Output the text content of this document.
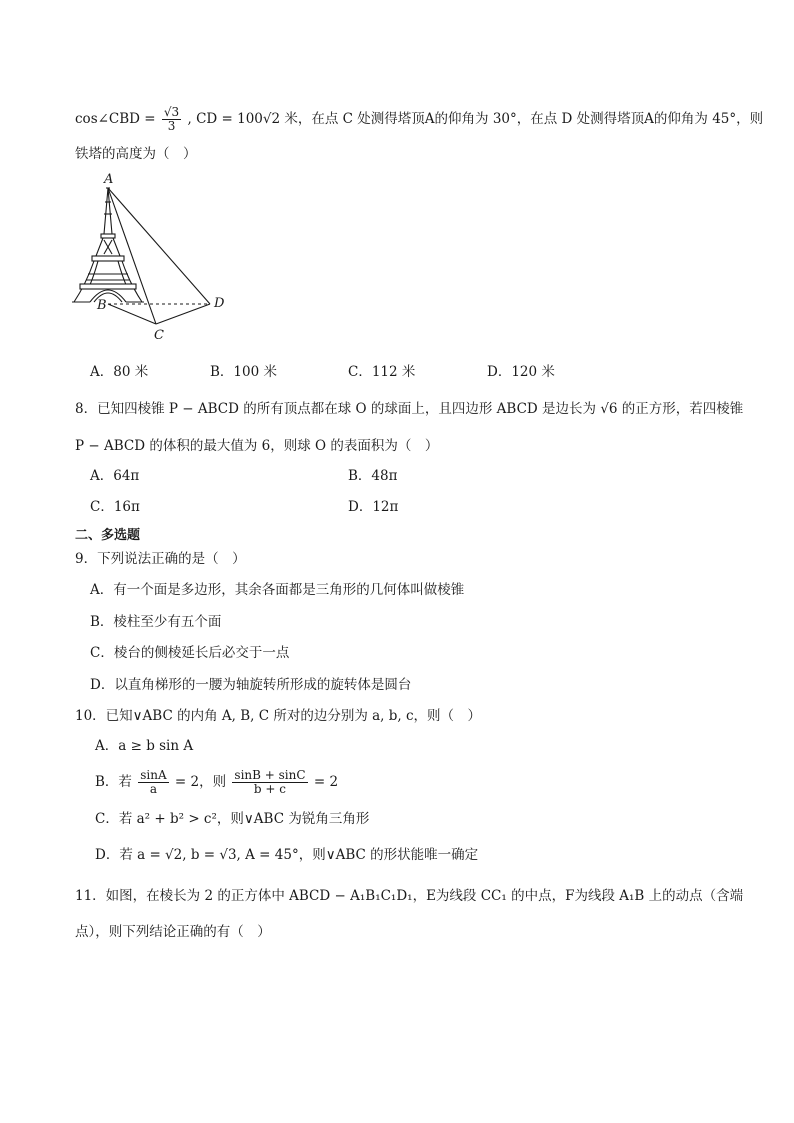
cos∠CBD = $\frac{√3}{3}$ , CD = 100√2 米，在点 C 处测得塔顶A的仰角为 30°，在点 D 处测得塔顶A的仰角为 45°，则
铁塔的高度为（　）
A
B
C
D
A．80 米	B．100 米	C．112 米	D．120 米
8．已知四棱锥 P − ABCD 的所有顶点都在球 O 的球面上，且四边形 ABCD 是边长为 √6 的正方形，若四棱锥
P − ABCD 的体积的最大值为 6，则球 O 的表面积为（　）
A．64π	B．48π
C．16π	D．12π
二、多选题
9．下列说法正确的是（　）
A．有一个面是多边形，其余各面都是三角形的几何体叫做棱锥
B．棱柱至少有五个面
C．棱台的侧棱延长后必交于一点
D．以直角梯形的一腰为轴旋转所形成的旋转体是圆台
10．已知∨ABC 的内角 A, B, C 所对的边分别为 a, b, c，则（　）
A．a ≥ b sin A
B．若 $\frac{\sin A}{a} = 2$，则 $\frac{\sin B + \sin C}{b + c} = 2$
C．若 a² + b² > c²，则∨ABC 为锐角三角形
D．若 a = √2, b = √3, A = 45°，则∨ABC 的形状能唯一确定
11．如图，在棱长为 2 的正方体中 ABCD − A₁B₁C₁D₁，E为线段 CC₁ 的中点，F为线段 A₁B 上的动点（含端
点），则下列结论正确的有（　）
